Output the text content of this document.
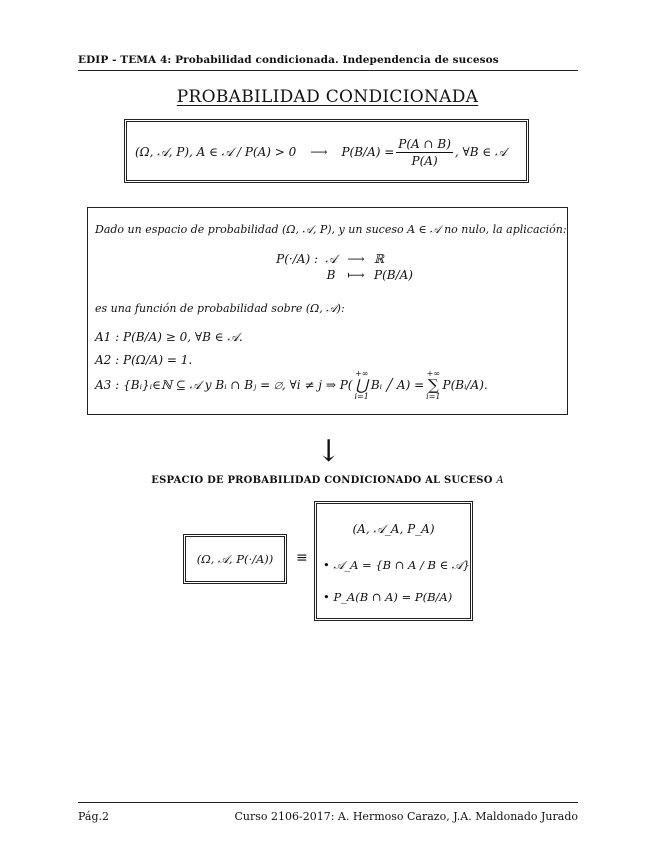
EDIP - TEMA 4: Probabilidad condicionada. Independencia de sucesos
PROBABILIDAD CONDICIONADA
(Ω, 𝒜, P), A ∈ 𝒜 / P(A) > 0 ⟶ $P(B/A) = \frac{P(A \cap B)}{P(A)}$ , ∀B ∈ 𝒜
Dado un espacio de probabilidad (Ω, 𝒜, P), y un suceso A ∈ 𝒜 no nulo, la aplicación:
P(·/A) : 𝒜 ⟶ ℝ
B ⟼ P(B/A)
es una función de probabilidad sobre (Ω, 𝒜):
A1 : P(B/A) ≥ 0, ∀B ∈ 𝒜.
A2 : P(Ω/A) = 1.
A3 : {Bᵢ}ᵢ∈ℕ ⊆ 𝒜 y Bᵢ ∩ Bⱼ = ∅, ∀i ≠ j ⇒ P(
+∞
⋃
i=1
Bᵢ ╱ A) =
+∞
∑
i=1
P(Bᵢ/A).
↓
ESPACIO DE PROBABILIDAD CONDICIONADO AL SUCESO A
(Ω, 𝒜, P(·/A))	≡
(A, 𝒜_A, P_A)
• 𝒜_A = {B ∩ A / B ∈ 𝒜}
• P_A(B ∩ A) = P(B/A)
Pág.2	Curso 2106-2017: A. Hermoso Carazo, J.A. Maldonado Jurado
